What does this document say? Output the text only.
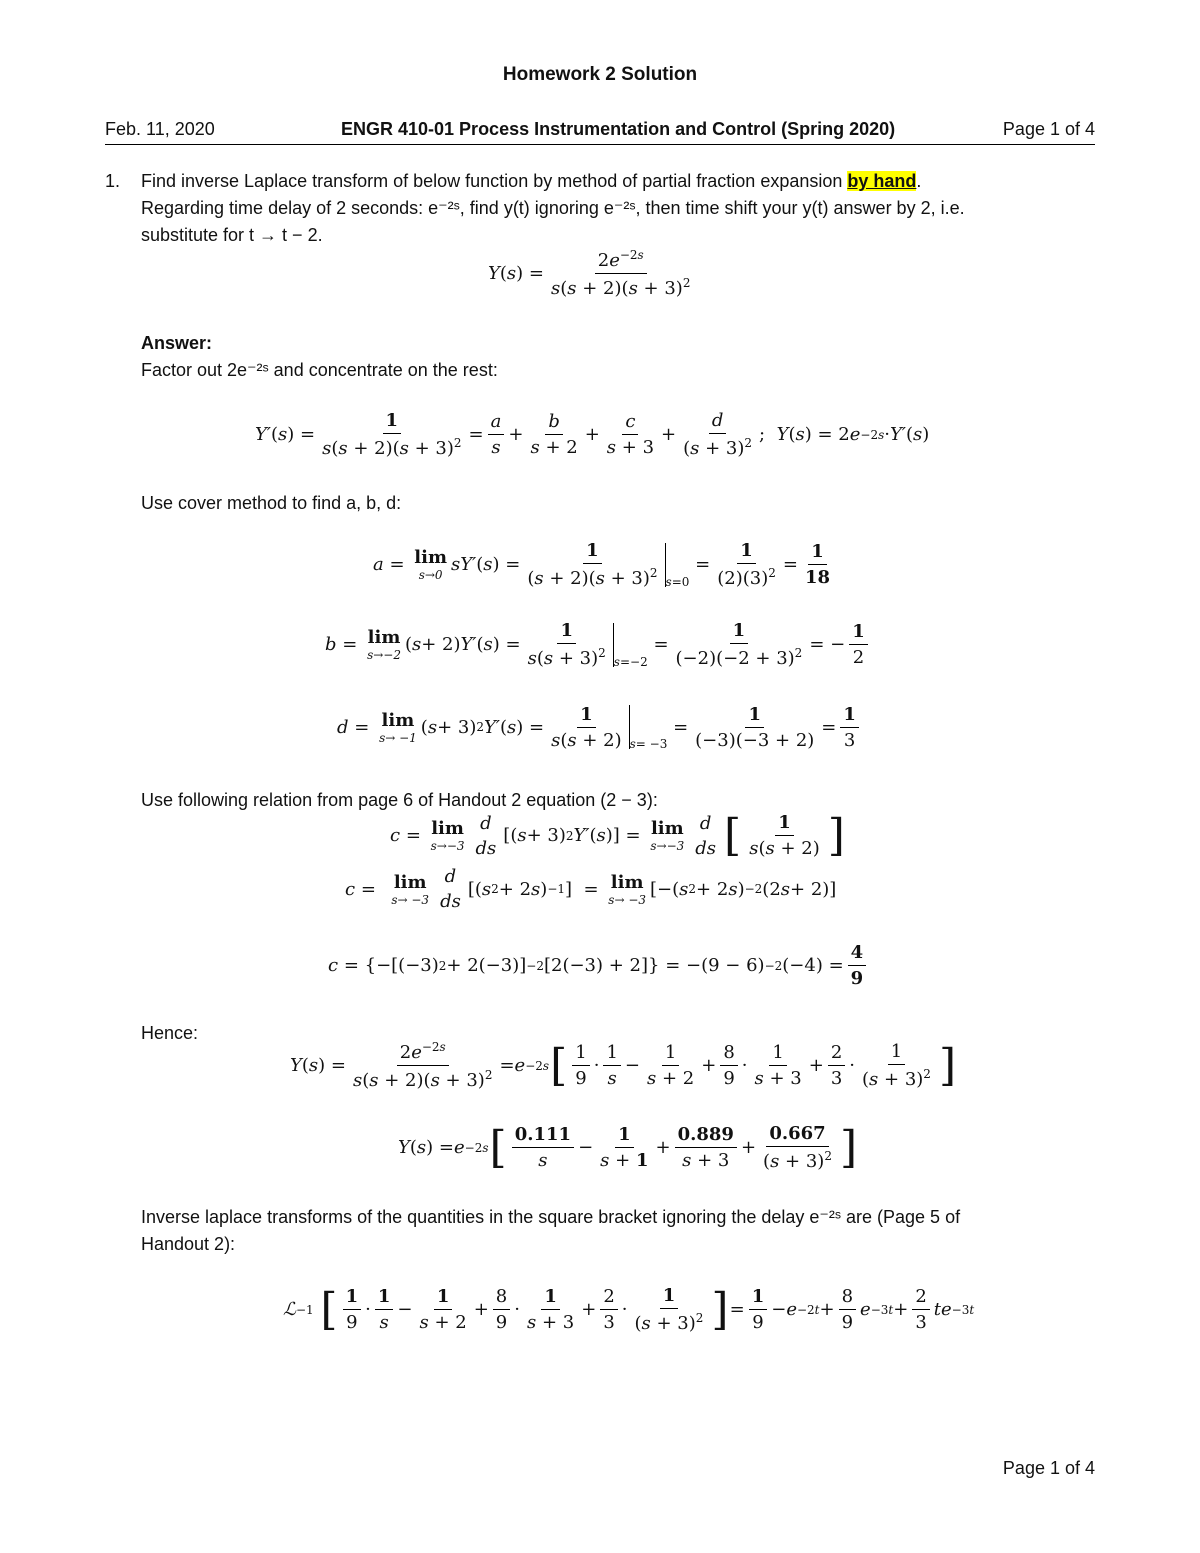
Homework 2 Solution
Feb. 11, 2020	ENGR 410-01 Process Instrumentation and Control (Spring 2020)	Page 1 of 4
1. Find inverse Laplace transform of below function by method of partial fraction expansion by hand.
Regarding time delay of 2 seconds: e⁻²ˢ, find y(t) ignoring e⁻²ˢ, then time shift your y(t) answer by 2, i.e.
substitute for t → t − 2.
Y ( s ) = $\frac{2e^{-2s}}{s(s + 2)(s + 3)^2}$
Answer:
Factor out 2e⁻²ˢ and concentrate on the rest:
Y′ ( s ) = $\frac{1}{s(s + 2)(s + 3)^2} = \frac{a}{s} + \frac{b}{s + 2} + \frac{c}{s + 3} + \frac{d}{(s + 3)^2}$ ; Y ( s ) = 2 e −2s · Y′ ( s )
Use cover method to find a, b, d:
a = lim
s→0 sY′ ( s ) = $\frac{1}{(s + 2)(s + 3)^2} _{s=0}$
= $\frac{1}{(2)(3)^2} = \frac{1}{18}$
b = lim
s→−2 ( s + 2) Y′ ( s ) = $\frac{1}{s(s + 3)^2} _{s=-2}$
= $\frac{1}{(-2)(-2 + 3)^2}$ = − $\frac{1}{2}$
d = lim
s→ −1 ( s + 3) 2 Y′ ( s ) = $\frac{1}{s(s + 2)} _{s= -3}$
= $\frac{1}{(-3)(-3 + 2)} = \frac{1}{3}$
Use following relation from page 6 of Handout 2 equation (2 − 3):
c = lim
s→−3
d
ds
[( s + 3) 2 Y′ ( s )] = lim
s→−3
d
ds [ $\frac{1}{s(s + 2)}$ ]
c = lim
s→ −3
d
ds
[( s 2 + 2 s ) −1 ]  = lim
s→ −3 [−( s 2 + 2 s ) −2 (2 s + 2)]
c = {−[(−3) 2 + 2(−3)] −2 [2(−3) + 2]} = −(9 − 6) −2 $(-4) = \frac{4}{9}$
Hence:
Y ( s ) = $\frac{2e^{-2s}}{s(s + 2)(s + 3)^2} = e -2s$ [ $\frac{1}{9} \cdot \frac{1}{s} - \frac{1}{s + 2} + \frac{8}{9} \cdot \frac{1}{s + 3} + \frac{2}{3} \cdot \frac{1}{(s + 3)^2}$ ]
Y ( s ) = e −2s [ $\frac{0.111}{s} - \frac{1}{s + 1} + \frac{0.889}{s + 3} + \frac{0.667}{(s + 3)^2}$ ]
Inverse laplace transforms of the quantities in the square bracket ignoring the delay e⁻²ˢ are (Page 5 of
Handout 2):
ℒ −1
[ $\frac{1}{9} \cdot \frac{1}{s} - \frac{1}{s + 2} + \frac{8}{9} \cdot \frac{1}{s + 3} + \frac{2}{3} \cdot \frac{1}{(s + 3)^2}$ ] = $\frac{1}{9} - e -2t + \frac{8}{9}$ $e -3t + \frac{2}{3}$ te −3t
Page 1 of 4
